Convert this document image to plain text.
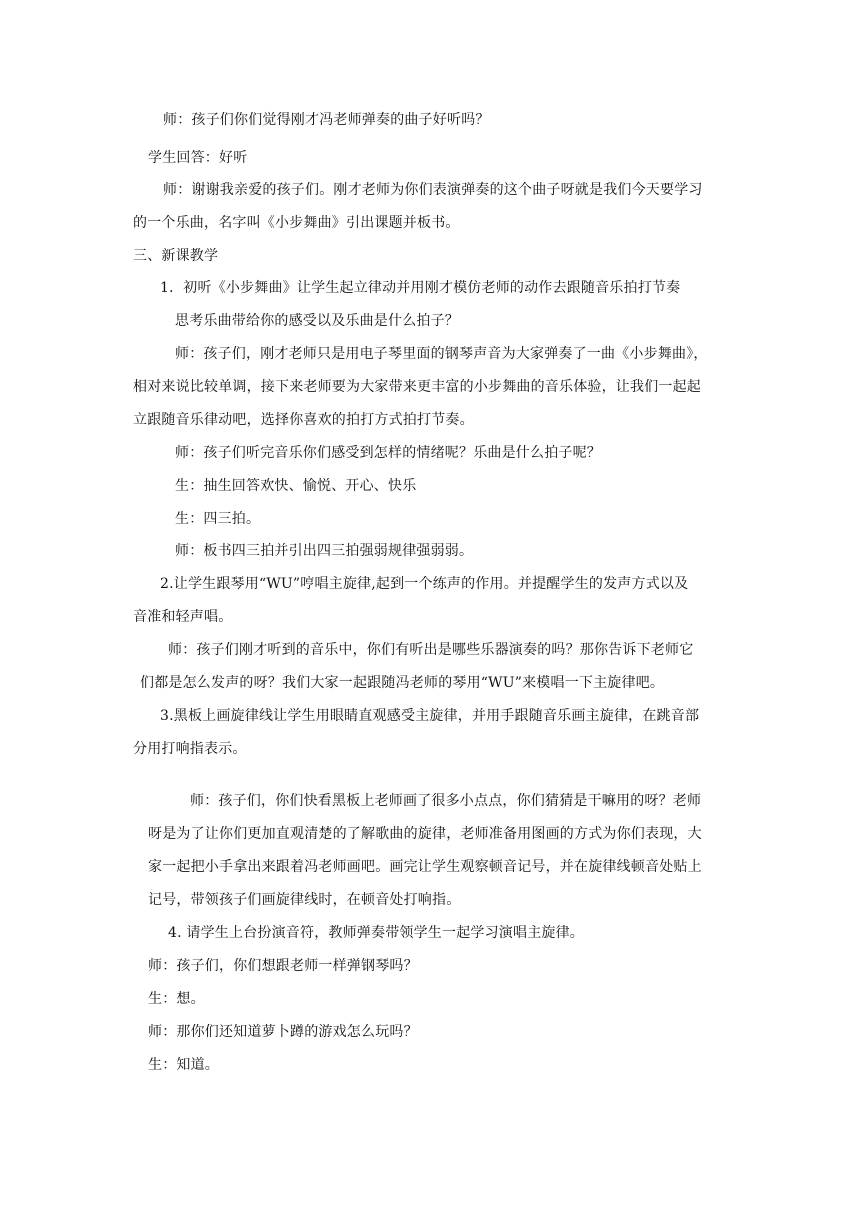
师：孩子们你们觉得刚才冯老师弹奏的曲子好听吗？
学生回答：好听
师：谢谢我亲爱的孩子们。刚才老师为你们表演弹奏的这个曲子呀就是我们今天要学习
的一个乐曲，名字叫《小步舞曲》引出课题并板书。
三、新课教学
1．初听《小步舞曲》让学生起立律动并用刚才模仿老师的动作去跟随音乐拍打节奏
思考乐曲带给你的感受以及乐曲是什么拍子？
师：孩子们，刚才老师只是用电子琴里面的钢琴声音为大家弹奏了一曲《小步舞曲》，
相对来说比较单调，接下来老师要为大家带来更丰富的小步舞曲的音乐体验，让我们一起起
立跟随音乐律动吧，选择你喜欢的拍打方式拍打节奏。
师：孩子们听完音乐你们感受到怎样的情绪呢？乐曲是什么拍子呢？
生：抽生回答欢快、愉悦、开心、快乐
生：四三拍。
师：板书四三拍并引出四三拍强弱规律强弱弱。
2.让学生跟琴用“WU”哼唱主旋律,起到一个练声的作用。并提醒学生的发声方式以及
音准和轻声唱。
师：孩子们刚才听到的音乐中，你们有听出是哪些乐器演奏的吗？那你告诉下老师它
们都是怎么发声的呀？我们大家一起跟随冯老师的琴用“WU”来模唱一下主旋律吧。
3.黑板上画旋律线让学生用眼睛直观感受主旋律，并用手跟随音乐画主旋律，在跳音部
分用打响指表示。
师：孩子们，你们快看黑板上老师画了很多小点点，你们猜猜是干嘛用的呀？老师
呀是为了让你们更加直观清楚的了解歌曲的旋律，老师准备用图画的方式为你们表现，大
家一起把小手拿出来跟着冯老师画吧。画完让学生观察顿音记号，并在旋律线顿音处贴上
记号，带领孩子们画旋律线时，在顿音处打响指。
4. 请学生上台扮演音符，教师弹奏带领学生一起学习演唱主旋律。
师：孩子们，你们想跟老师一样弹钢琴吗？
生：想。
师：那你们还知道萝卜蹲的游戏怎么玩吗？
生：知道。
